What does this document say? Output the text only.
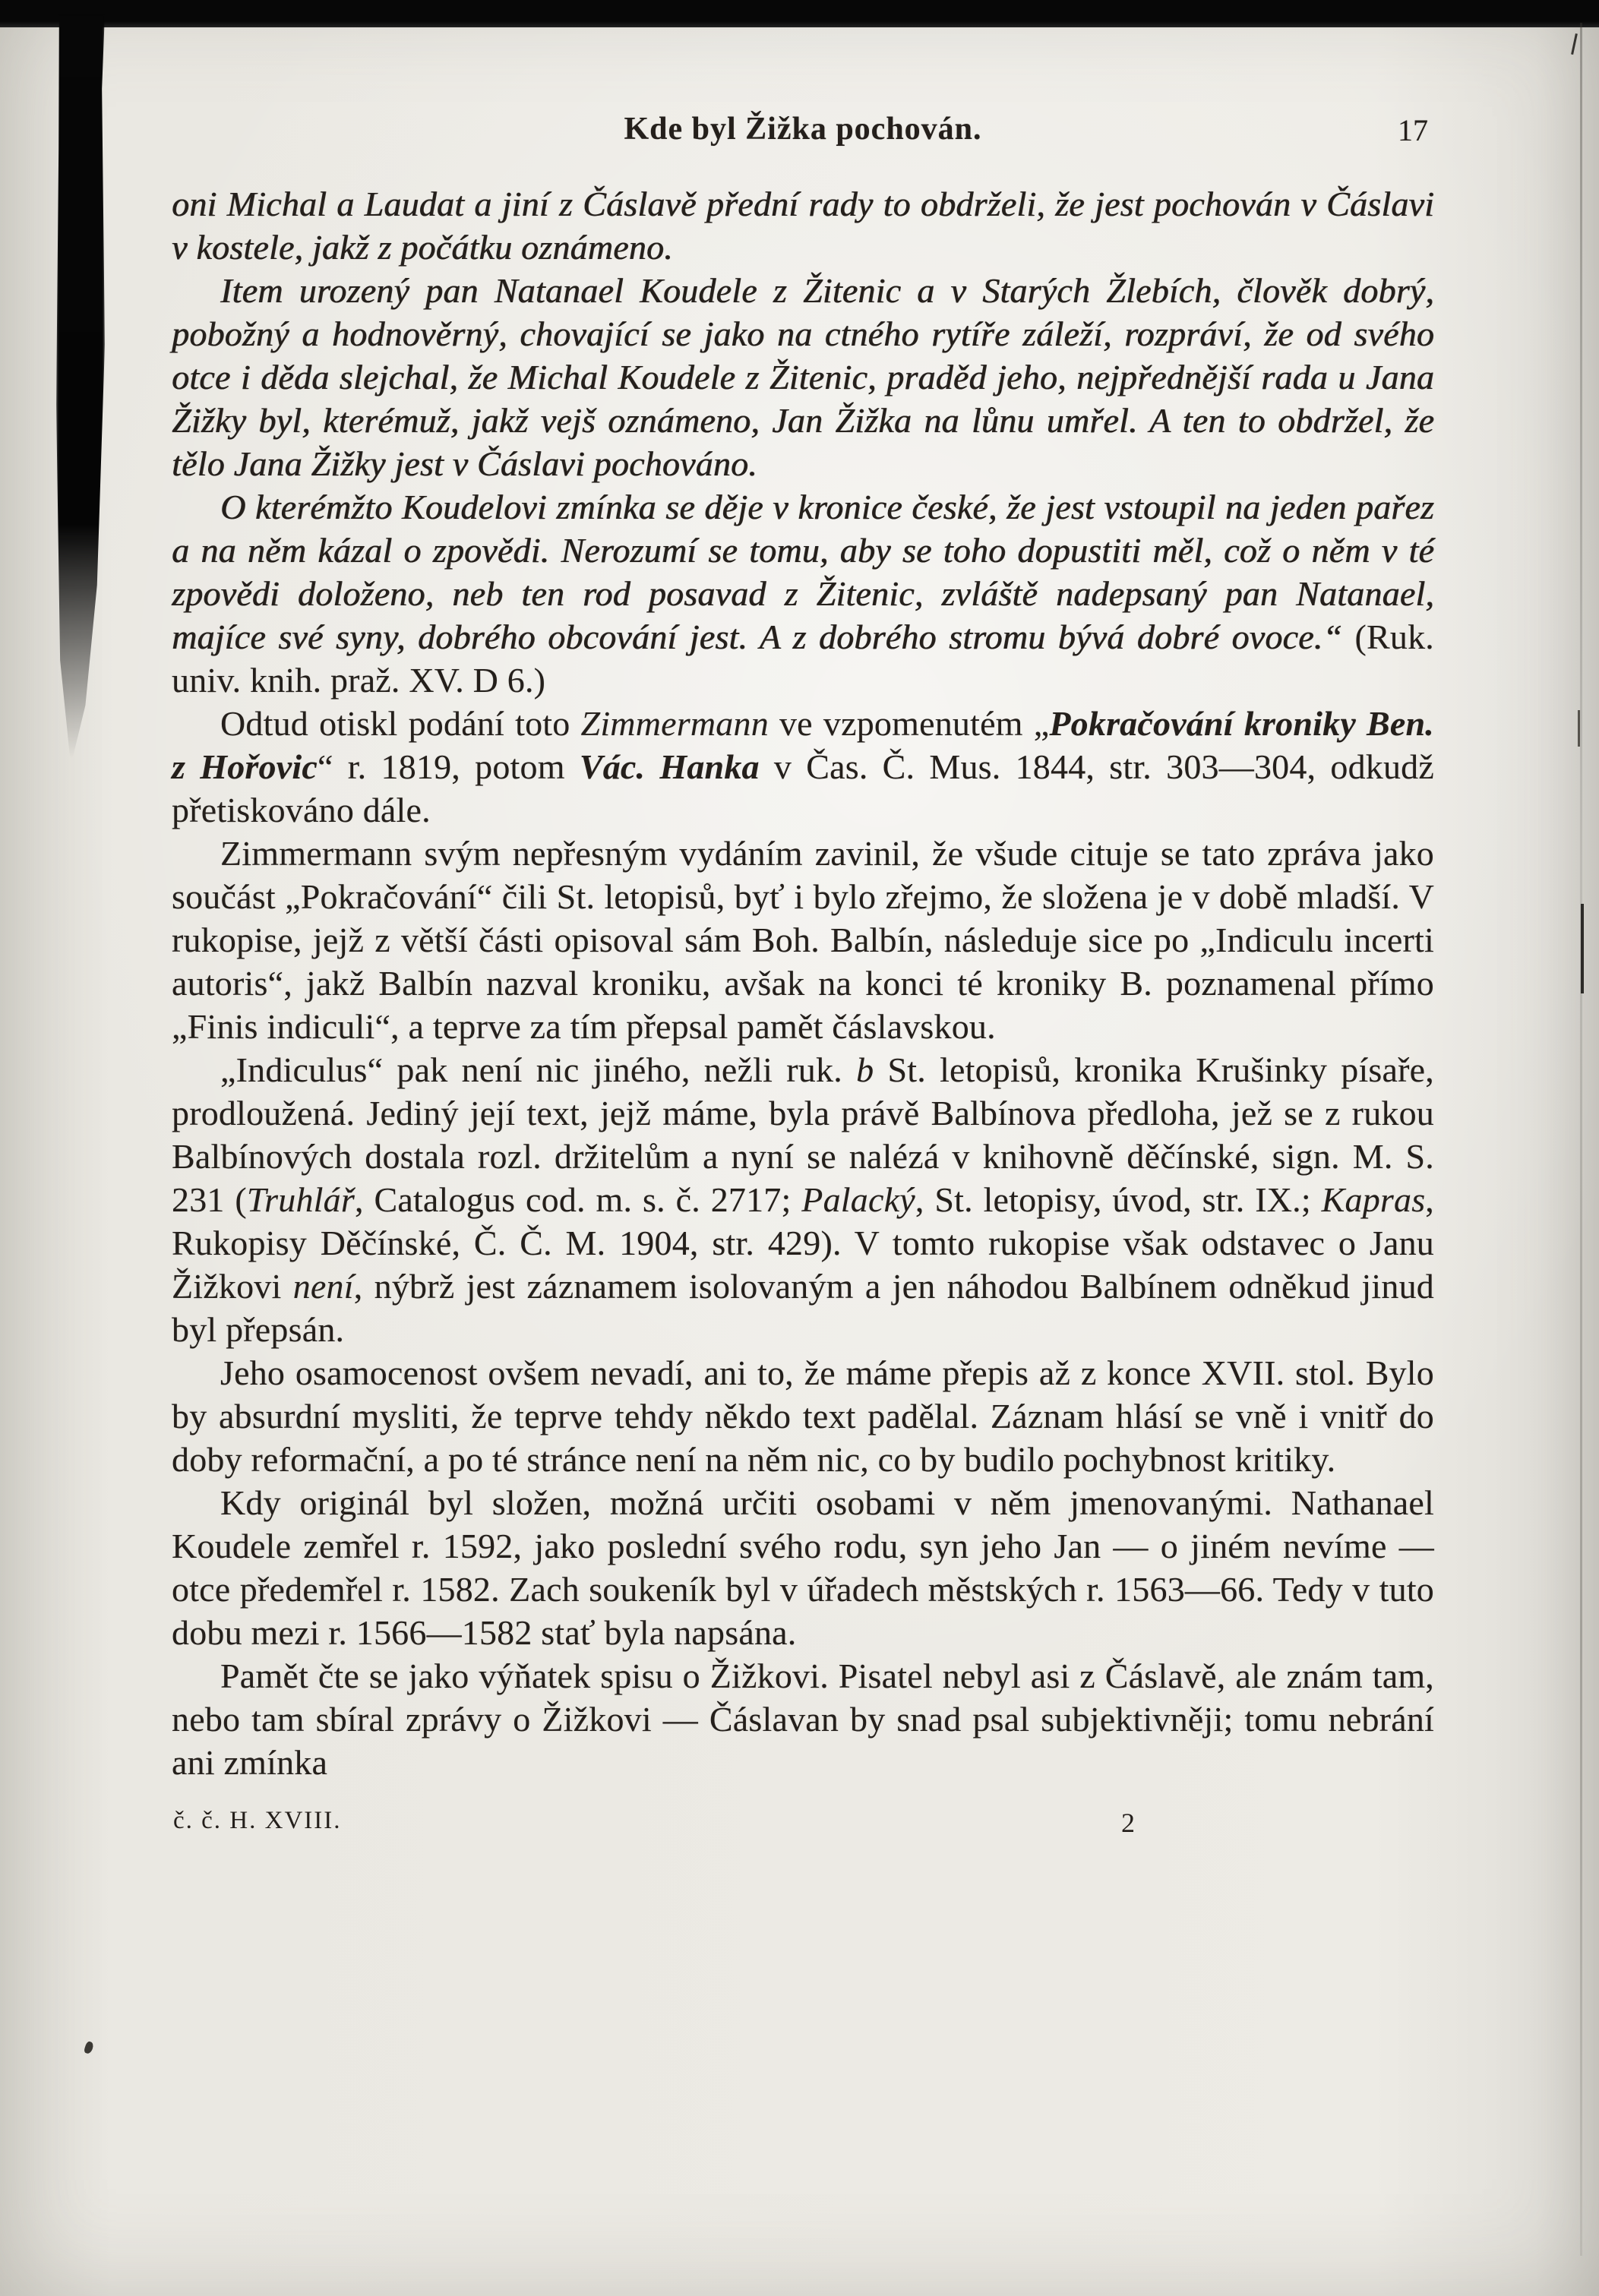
Kde byl Žižka pochován.	17

oni Michal a Laudat a jiní z Čáslavě přední rady to obdrželi, že jest pochován v Čáslavi v kostele, jakž z počátku oznámeno.

Item urozený pan Natanael Koudele z Žitenic a v Starých Žlebích, člověk dobrý, pobožný a hodnověrný, chovající se jako na ctného rytíře záleží, rozpráví, že od svého otce i děda slejchal, že Michal Koudele z Žitenic, praděd jeho, nejpřednější rada u Jana Žižky byl, kterémuž, jakž vejš oznámeno, Jan Žižka na lůnu umřel. A ten to obdržel, že tělo Jana Žižky jest v Čáslavi pochováno.

O kterémžto Koudelovi zmínka se děje v kronice české, že jest vstoupil na jeden pařez a na něm kázal o zpovědi. Nerozumí se tomu, aby se toho dopustiti měl, což o něm v té zpovědi doloženo, neb ten rod posavad z Žitenic, zvláště nadepsaný pan Natanael, majíce své syny, dobrého obcování jest. A z dobrého stromu bývá dobré ovoce.“ (Ruk. univ. knih. praž. XV. D 6.)

Odtud otiskl podání toto Zimmermann ve vzpomenutém „Pokračování kroniky Ben. z Hořovic“ r. 1819, potom Vác. Hanka v Čas. Č. Mus. 1844, str. 303—304, odkudž přetiskováno dále.

Zimmermann svým nepřesným vydáním zavinil, že všude cituje se tato zpráva jako součást „Pokračování“ čili St. letopisů, byť i bylo zřejmo, že složena je v době mladší. V rukopise, jejž z větší části opisoval sám Boh. Balbín, následuje sice po „Indiculu incerti autoris“, jakž Balbín nazval kroniku, avšak na konci té kroniky B. poznamenal přímo „Finis indiculi“, a teprve za tím přepsal pamět čáslavskou.

„Indiculus“ pak není nic jiného, nežli ruk. b St. letopisů, kronika Krušinky písaře, prodloužená. Jediný její text, jejž máme, byla právě Balbínova předloha, jež se z rukou Balbínových dostala rozl. držitelům a nyní se nalézá v knihovně děčínské, sign. M. S. 231 (Truhlář, Catalogus cod. m. s. č. 2717; Palacký, St. letopisy, úvod, str. IX.; Kapras, Rukopisy Děčínské, Č. Č. M. 1904, str. 429). V tomto rukopise však odstavec o Janu Žižkovi není, nýbrž jest záznamem isolovaným a jen náhodou Balbínem odněkud jinud byl přepsán.

Jeho osamocenost ovšem nevadí, ani to, že máme přepis až z konce XVII. stol. Bylo by absurdní mysliti, že teprve tehdy někdo text padělal. Záznam hlásí se vně i vnitř do doby reformační, a po té stránce není na něm nic, co by budilo pochybnost kritiky.

Kdy originál byl složen, možná určiti osobami v něm jmenovanými. Nathanael Koudele zemřel r. 1592, jako poslední svého rodu, syn jeho Jan — o jiném nevíme — otce předemřel r. 1582. Zach soukeník byl v úřadech městských r. 1563—66. Tedy v tuto dobu mezi r. 1566—1582 stať byla napsána.

Pamět čte se jako výňatek spisu o Žižkovi. Pisatel nebyl asi z Čáslavě, ale znám tam, nebo tam sbíral zprávy o Žižkovi — Čáslavan by snad psal subjektivněji; tomu nebrání ani zmínka

č. č. H. XVIII.	2
